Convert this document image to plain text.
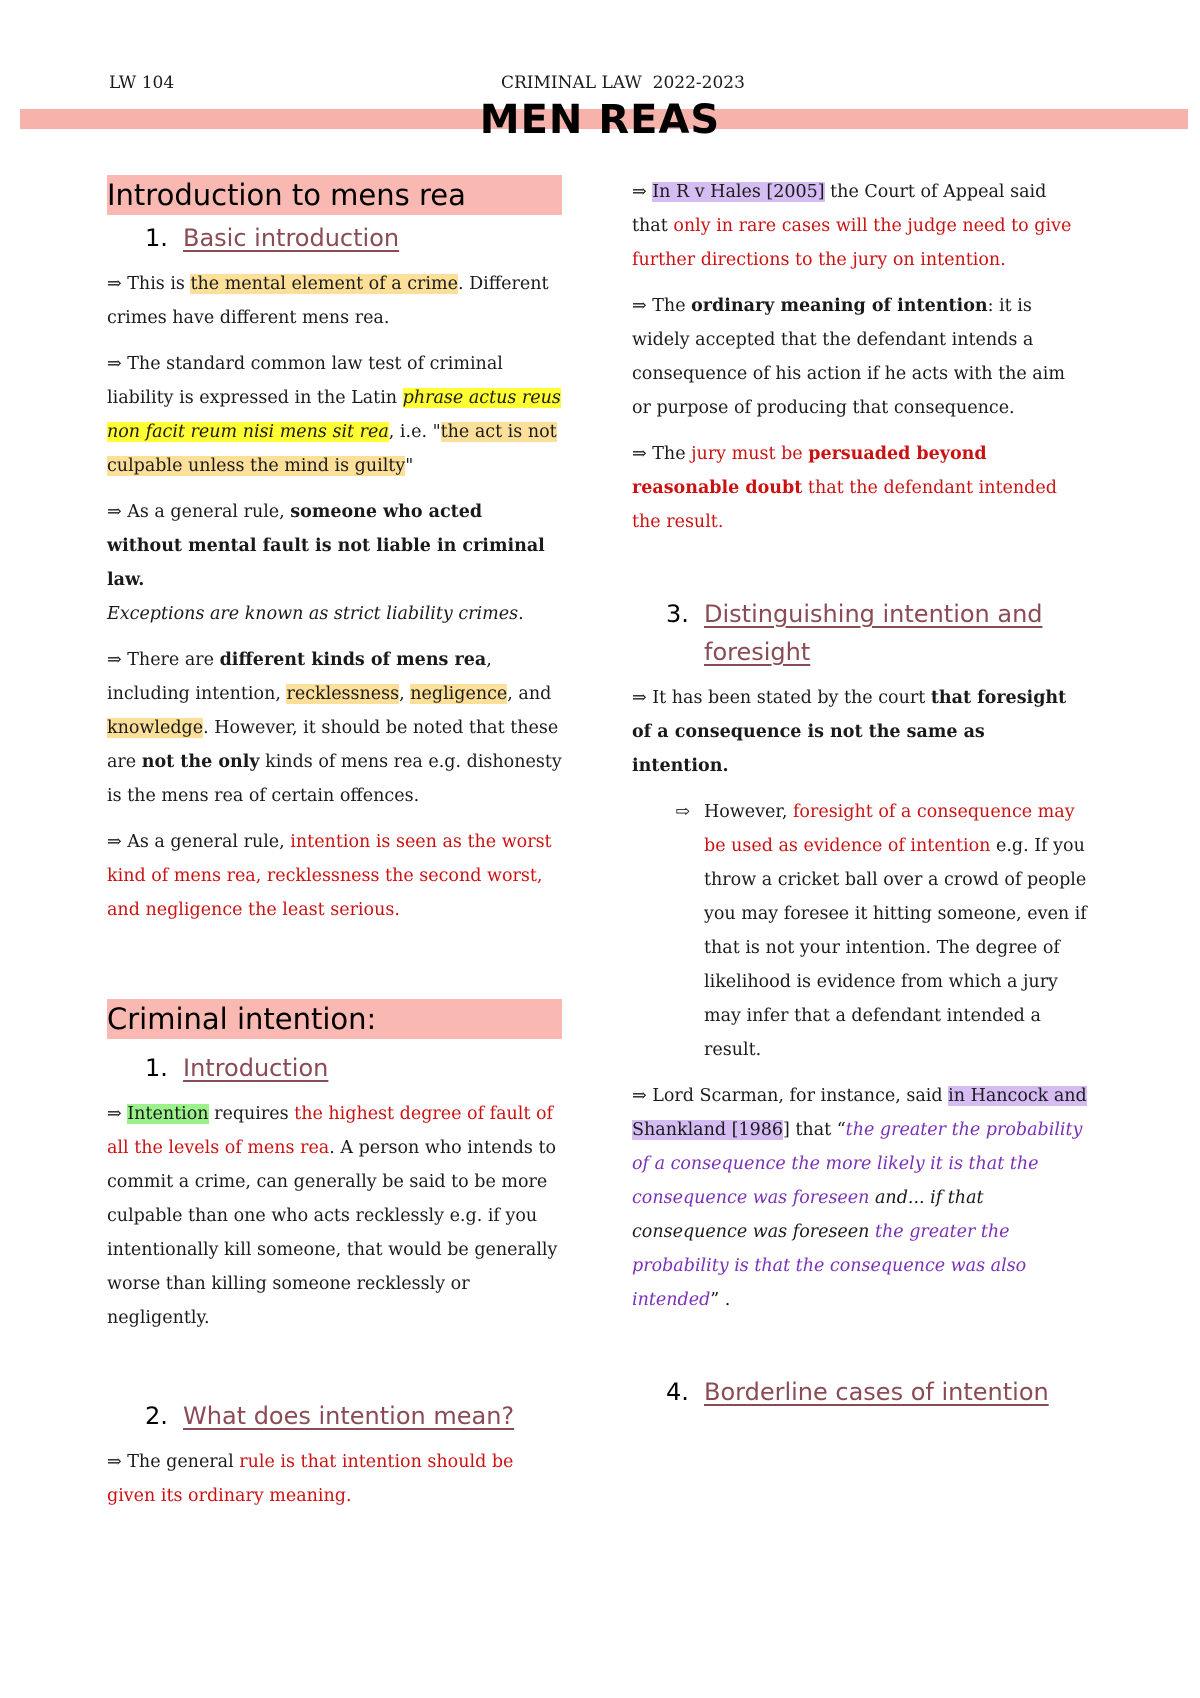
LW 104	CRIMINAL LAW  2022-2023
MEN REAS
Introduction to mens rea
1. Basic introduction

⇒ This is the mental element of a crime. Different crimes have different mens rea.

⇒ The standard common law test of criminal liability is expressed in the Latin phrase actus reus non facit reum nisi mens sit rea, i.e. "the act is not culpable unless the mind is guilty"

⇒ As a general rule, someone who acted without mental fault is not liable in criminal law.
Exceptions are known as strict liability crimes.

⇒ There are different kinds of mens rea, including intention, recklessness, negligence, and knowledge. However, it should be noted that these are not the only kinds of mens rea e.g. dishonesty is the mens rea of certain offences.

⇒ As a general rule, intention is seen as the worst kind of mens rea, recklessness the second worst, and negligence the least serious.

Criminal intention:
1. Introduction

⇒ Intention requires the highest degree of fault of all the levels of mens rea. A person who intends to commit a crime, can generally be said to be more culpable than one who acts recklessly e.g. if you intentionally kill someone, that would be generally worse than killing someone recklessly or negligently.

2. What does intention mean?

⇒ The general rule is that intention should be given its ordinary meaning.

⇒ In R v Hales [2005] the Court of Appeal said that only in rare cases will the judge need to give further directions to the jury on intention.

⇒ The ordinary meaning of intention: it is widely accepted that the defendant intends a consequence of his action if he acts with the aim or purpose of producing that consequence.

⇒ The jury must be persuaded beyond reasonable doubt that the defendant intended the result.

3. Distinguishing intention and foresight

⇒ It has been stated by the court that foresight of a consequence is not the same as intention.

⇨ However, foresight of a consequence may be used as evidence of intention e.g. If you throw a cricket ball over a crowd of people you may foresee it hitting someone, even if that is not your intention. The degree of likelihood is evidence from which a jury may infer that a defendant intended a result.

⇒ Lord Scarman, for instance, said in Hancock and Shankland [1986] that “the greater the probability of a consequence the more likely it is that the consequence was foreseen and... if that consequence was foreseen the greater the probability is that the consequence was also intended” .

4. Borderline cases of intention
